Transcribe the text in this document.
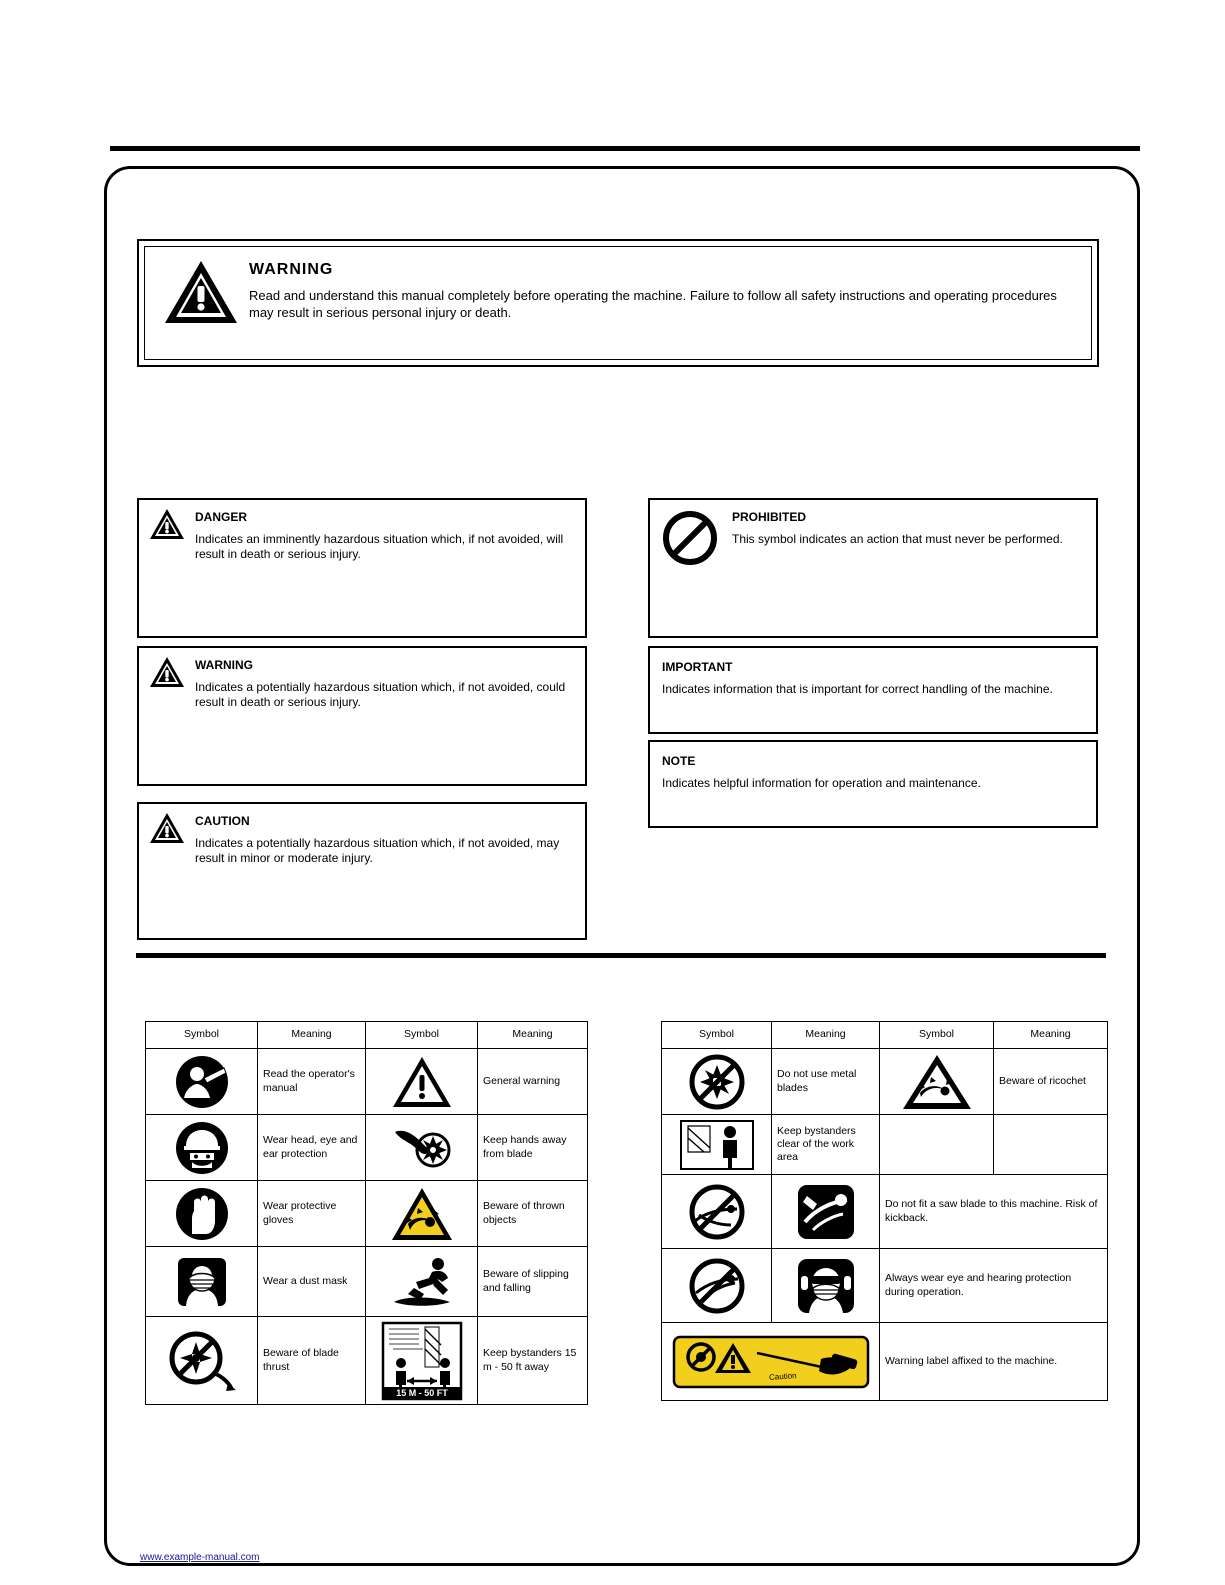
WARNING
Read and understand this manual completely before operating the machine. Failure to follow all safety instructions and operating procedures may result in serious personal injury or death.
DANGER
Indicates an imminently hazardous situation which, if not avoided, will result in death or serious injury.
WARNING
Indicates a potentially hazardous situation which, if not avoided, could result in death or serious injury.
CAUTION
Indicates a potentially hazardous situation which, if not avoided, may result in minor or moderate injury.
PROHIBITED
This symbol indicates an action that must never be performed.
IMPORTANT
Indicates information that is important for correct handling of the machine.
NOTE
Indicates helpful information for operation and maintenance.
Symbol	Meaning	Symbol	Meaning
	Read the operator's manual		General warning
	Wear head, eye and ear protection		Keep hands away from blade
	Wear protective gloves		Beware of thrown objects
	Wear a dust mask		Beware of slipping and falling
	Beware of blade thrust	15 M - 50 FT	Keep bystanders 15 m - 50 ft away
Symbol	Meaning	Symbol	Meaning
	Do not use metal blades		Beware of ricochet
	Keep bystanders clear of the work area		
		Do not fit a saw blade to this machine. Risk of kickback.	
		Always wear eye and hearing protection during operation.	

Caution		Warning label affixed to the machine.	
www.example-manual.com
